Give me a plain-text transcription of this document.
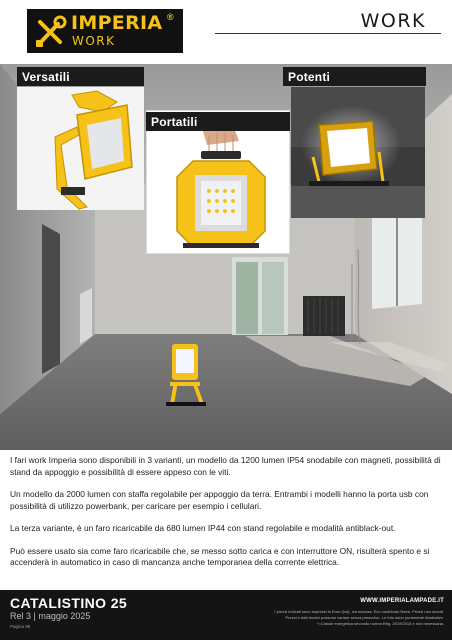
IMPERIA ®
WORK
WORK
Versatili
Portatili
Potenti

I fari work Imperia sono disponibili in 3 varianti, un modello da 1200 lumen IP54 snodabile con magneti, possibilità di stand da appoggio e possibilità di essere appeso con le viti.

Un modello da 2000 lumen con staffa regolabile per appoggio da terra. Entrambi i modelli hanno la porta usb con possibilità di utilizzo powerbank, per caricare per esempio i cellulari.

La terza variante, è un faro ricaricabile da 680 lumen IP44 con stand regolabile e modalità antiblack-out.

Può essere usato sia come faro ricaricabile che, se messo sotto carica e con interruttore ON, risulterà spento e si accenderà in automatico in caso di mancanza anche temporanea della corrente elettrica.

CATALISTINO 25
Rel 3 | maggio 2025
Pagina 86
WWW.IMPERIALAMPADE.IT
I prezzi indicati sono espressi in Euro (Iva), iva esclusa. Eco contributo Raee. Prezzi non dovuti.
Prezzi e dati tecnici possono variare senza preavviso. Le foto sono puramente illustrative.
*=Classe energetica secondo norma Reg. 2019/2015 e non necessaria.
